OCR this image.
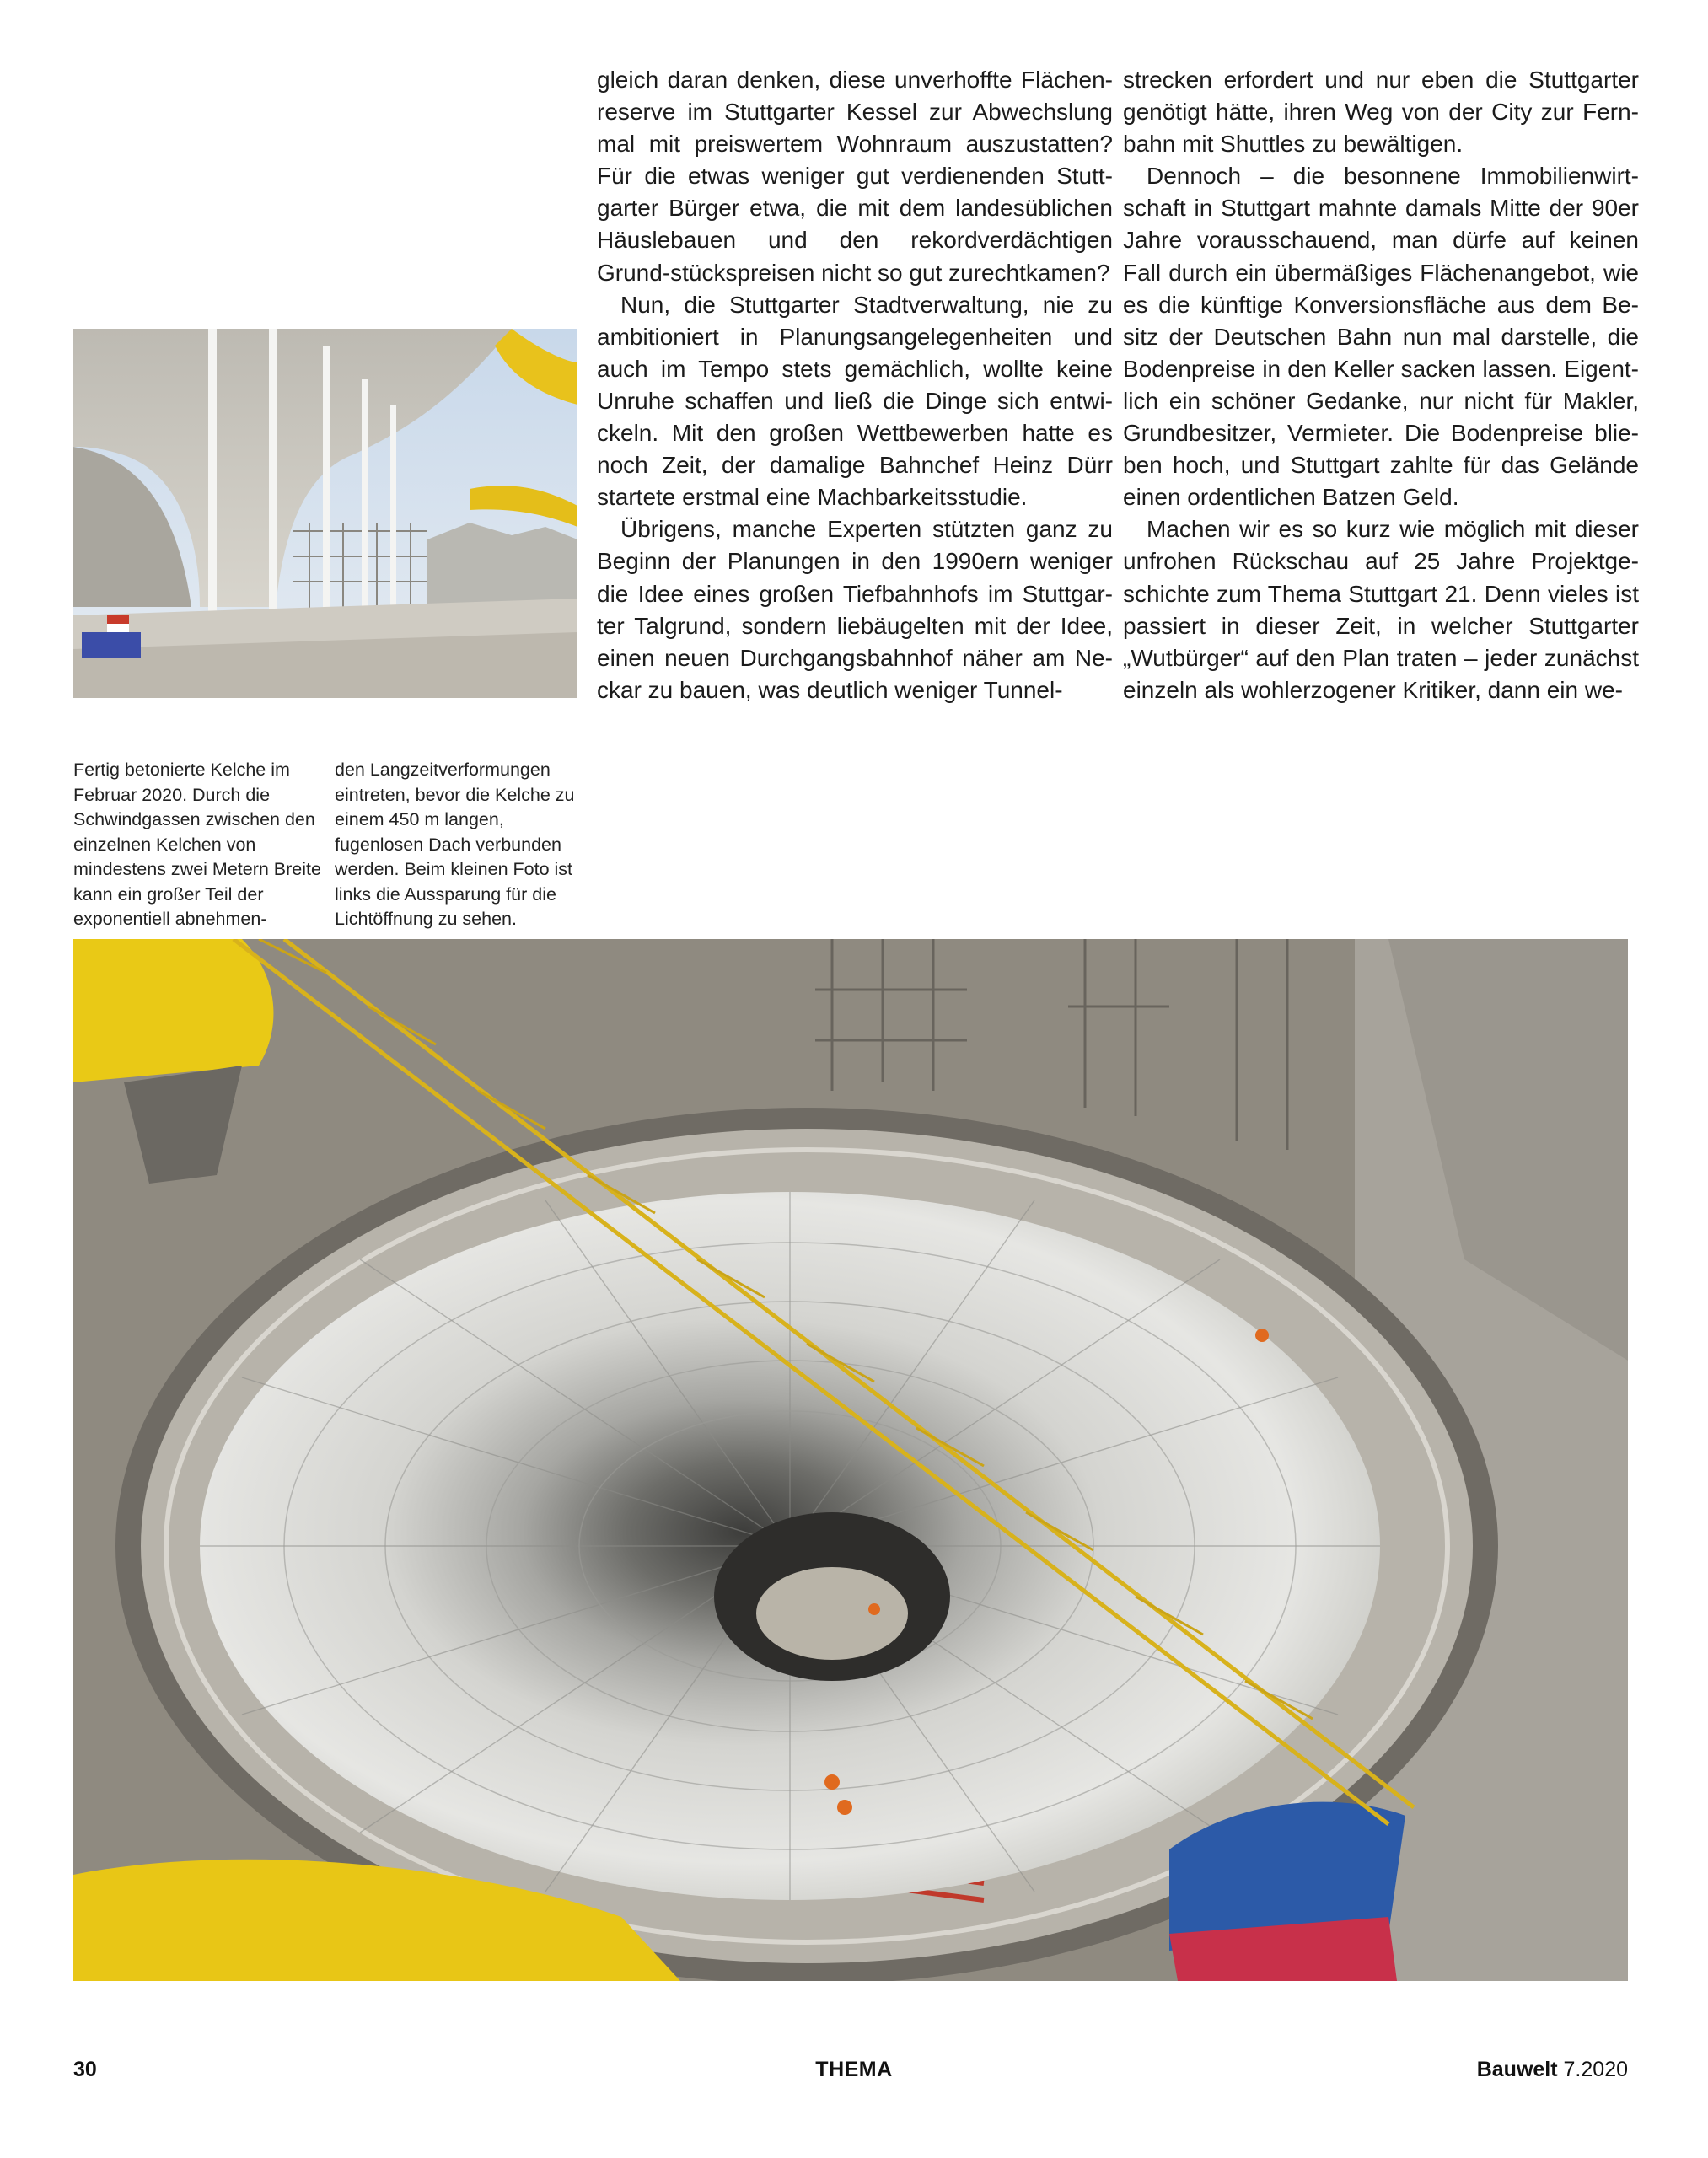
gleich daran denken, diese unverhoffte Flächen-reserve im Stuttgarter Kessel zur Abwechslung mal mit preiswertem Wohnraum auszustatten? Für die etwas weniger gut verdienenden Stutt-garter Bürger etwa, die mit dem landesüblichen Häuslebauen und den rekordverdächtigen Grund-stückspreisen nicht so gut zurechtkamen?

Nun, die Stuttgarter Stadtverwaltung, nie zu ambitioniert in Planungsangelegenheiten und auch im Tempo stets gemächlich, wollte keine Unruhe schaffen und ließ die Dinge sich entwi-ckeln. Mit den großen Wettbewerben hatte es noch Zeit, der damalige Bahnchef Heinz Dürr startete erstmal eine Machbarkeitsstudie.

Übrigens, manche Experten stützten ganz zu Beginn der Planungen in den 1990ern weniger die Idee eines großen Tiefbahnhofs im Stuttgar-ter Talgrund, sondern liebäugelten mit der Idee, einen neuen Durchgangsbahnhof näher am Ne-ckar zu bauen, was deutlich weniger Tunnel-

strecken erfordert und nur eben die Stuttgarter genötigt hätte, ihren Weg von der City zur Fern-bahn mit Shuttles zu bewältigen.

Dennoch – die besonnene Immobilienwirt-schaft in Stuttgart mahnte damals Mitte der 90er Jahre vorausschauend, man dürfe auf keinen Fall durch ein übermäßiges Flächenangebot, wie es die künftige Konversionsfläche aus dem Be-sitz der Deutschen Bahn nun mal darstelle, die Bodenpreise in den Keller sacken lassen. Eigent-lich ein schöner Gedanke, nur nicht für Makler, Grundbesitzer, Vermieter. Die Bodenpreise blie-ben hoch, und Stuttgart zahlte für das Gelände einen ordentlichen Batzen Geld.

Machen wir es so kurz wie möglich mit dieser unfrohen Rückschau auf 25 Jahre Projektge-schichte zum Thema Stuttgart 21. Denn vieles ist passiert in dieser Zeit, in welcher Stuttgarter „Wutbürger“ auf den Plan traten – jeder zunächst einzeln als wohlerzogener Kritiker, dann ein we-

Fertig betonierte Kelche im Februar 2020. Durch die Schwindgassen zwischen den einzelnen Kelchen von mindestens zwei Metern Breite kann ein großer Teil der exponentiell abnehmen-
den Langzeitverformungen eintreten, bevor die Kelche zu einem 450 m langen, fugenlosen Dach verbunden werden. Beim kleinen Foto ist links die Aussparung für die Lichtöffnung zu sehen.
30	THEMA	Bauwelt 7.2020
